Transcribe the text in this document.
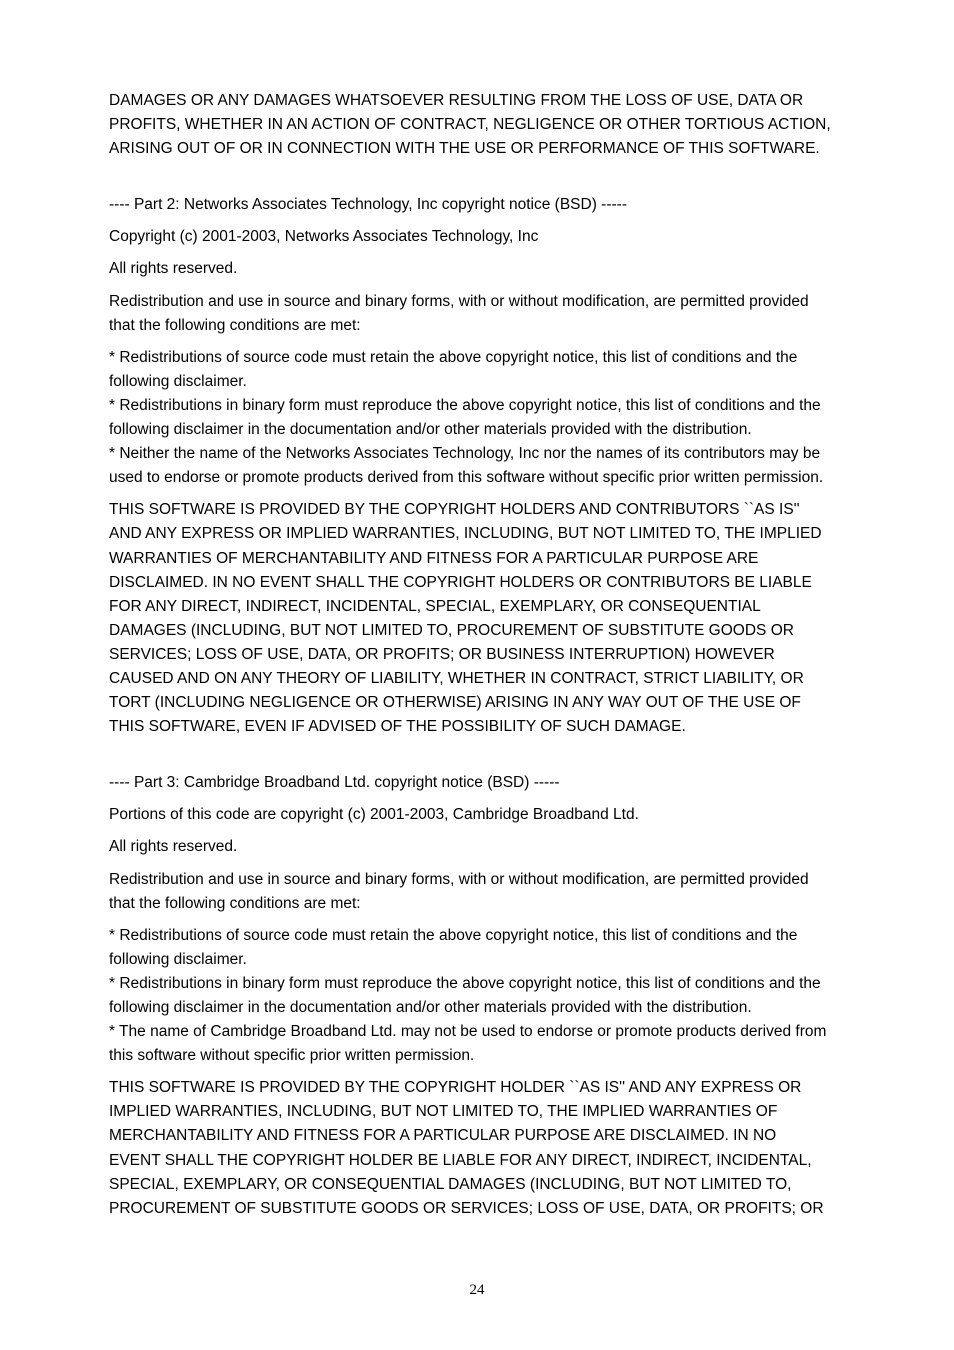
DAMAGES OR ANY DAMAGES WHATSOEVER RESULTING FROM THE LOSS OF USE, DATA OR
PROFITS, WHETHER IN AN ACTION OF CONTRACT, NEGLIGENCE OR OTHER TORTIOUS ACTION,
ARISING OUT OF OR IN CONNECTION WITH THE USE OR PERFORMANCE OF THIS SOFTWARE.

---- Part 2: Networks Associates Technology, Inc copyright notice (BSD) -----

Copyright (c) 2001-2003, Networks Associates Technology, Inc

All rights reserved.

Redistribution and use in source and binary forms, with or without modification, are permitted provided
that the following conditions are met:

* Redistributions of source code must retain the above copyright notice, this list of conditions and the
following disclaimer.
* Redistributions in binary form must reproduce the above copyright notice, this list of conditions and the
following disclaimer in the documentation and/or other materials provided with the distribution.
* Neither the name of the Networks Associates Technology, Inc nor the names of its contributors may be
used to endorse or promote products derived from this software without specific prior written permission.

THIS SOFTWARE IS PROVIDED BY THE COPYRIGHT HOLDERS AND CONTRIBUTORS ``AS IS''
AND ANY EXPRESS OR IMPLIED WARRANTIES, INCLUDING, BUT NOT LIMITED TO, THE IMPLIED
WARRANTIES OF MERCHANTABILITY AND FITNESS FOR A PARTICULAR PURPOSE ARE
DISCLAIMED. IN NO EVENT SHALL THE COPYRIGHT HOLDERS OR CONTRIBUTORS BE LIABLE
FOR ANY DIRECT, INDIRECT, INCIDENTAL, SPECIAL, EXEMPLARY, OR CONSEQUENTIAL
DAMAGES (INCLUDING, BUT NOT LIMITED TO, PROCUREMENT OF SUBSTITUTE GOODS OR
SERVICES; LOSS OF USE, DATA, OR PROFITS; OR BUSINESS INTERRUPTION) HOWEVER
CAUSED AND ON ANY THEORY OF LIABILITY, WHETHER IN CONTRACT, STRICT LIABILITY, OR
TORT (INCLUDING NEGLIGENCE OR OTHERWISE) ARISING IN ANY WAY OUT OF THE USE OF
THIS SOFTWARE, EVEN IF ADVISED OF THE POSSIBILITY OF SUCH DAMAGE.

---- Part 3: Cambridge Broadband Ltd. copyright notice (BSD) -----

Portions of this code are copyright (c) 2001-2003, Cambridge Broadband Ltd.

All rights reserved.

Redistribution and use in source and binary forms, with or without modification, are permitted provided
that the following conditions are met:

* Redistributions of source code must retain the above copyright notice, this list of conditions and the
following disclaimer.
* Redistributions in binary form must reproduce the above copyright notice, this list of conditions and the
following disclaimer in the documentation and/or other materials provided with the distribution.
* The name of Cambridge Broadband Ltd. may not be used to endorse or promote products derived from
this software without specific prior written permission.

THIS SOFTWARE IS PROVIDED BY THE COPYRIGHT HOLDER ``AS IS'' AND ANY EXPRESS OR
IMPLIED WARRANTIES, INCLUDING, BUT NOT LIMITED TO, THE IMPLIED WARRANTIES OF
MERCHANTABILITY AND FITNESS FOR A PARTICULAR PURPOSE ARE DISCLAIMED. IN NO
EVENT SHALL THE COPYRIGHT HOLDER BE LIABLE FOR ANY DIRECT, INDIRECT, INCIDENTAL,
SPECIAL, EXEMPLARY, OR CONSEQUENTIAL DAMAGES (INCLUDING, BUT NOT LIMITED TO,
PROCUREMENT OF SUBSTITUTE GOODS OR SERVICES; LOSS OF USE, DATA, OR PROFITS; OR

24
